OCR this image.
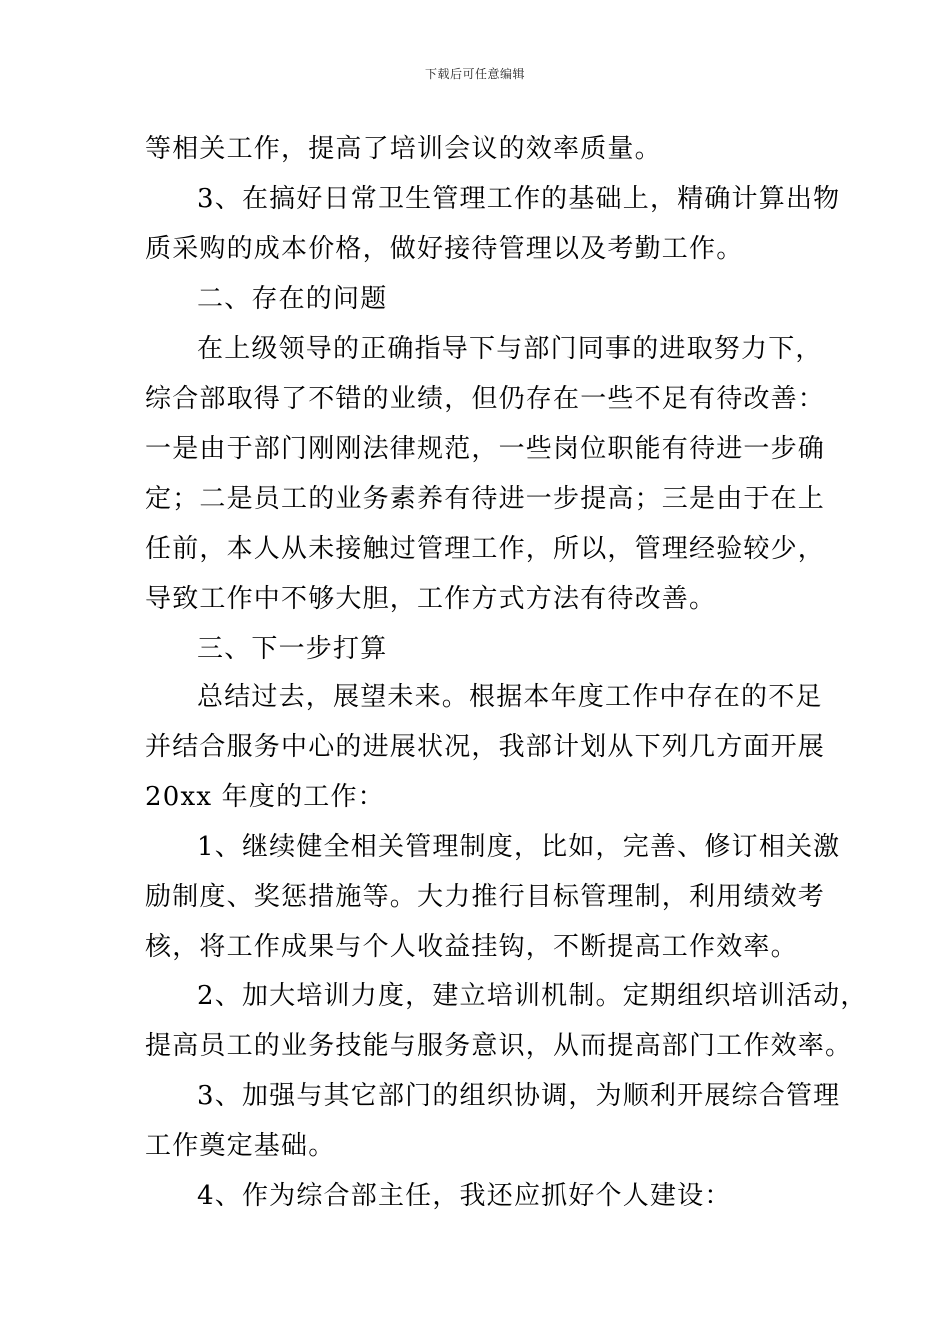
下载后可任意编辑
等相关工作，提高了培训会议的效率质量。
3、在搞好日常卫生管理工作的基础上，精确计算出物
质采购的成本价格，做好接待管理以及考勤工作。
二、存在的问题
在上级领导的正确指导下与部门同事的进取努力下，
综合部取得了不错的业绩，但仍存在一些不足有待改善：
一是由于部门刚刚法律规范，一些岗位职能有待进一步确
定；二是员工的业务素养有待进一步提高；三是由于在上
任前，本人从未接触过管理工作，所以，管理经验较少，
导致工作中不够大胆，工作方式方法有待改善。
三、下一步打算
总结过去，展望未来。根据本年度工作中存在的不足
并结合服务中心的进展状况，我部计划从下列几方面开展
20xx 年度的工作：
1、继续健全相关管理制度，比如，完善、修订相关激
励制度、奖惩措施等。大力推行目标管理制，利用绩效考
核，将工作成果与个人收益挂钩，不断提高工作效率。
2、加大培训力度，建立培训机制。定期组织培训活动，
提高员工的业务技能与服务意识，从而提高部门工作效率。
3、加强与其它部门的组织协调，为顺利开展综合管理
工作奠定基础。
4、作为综合部主任，我还应抓好个人建设：
